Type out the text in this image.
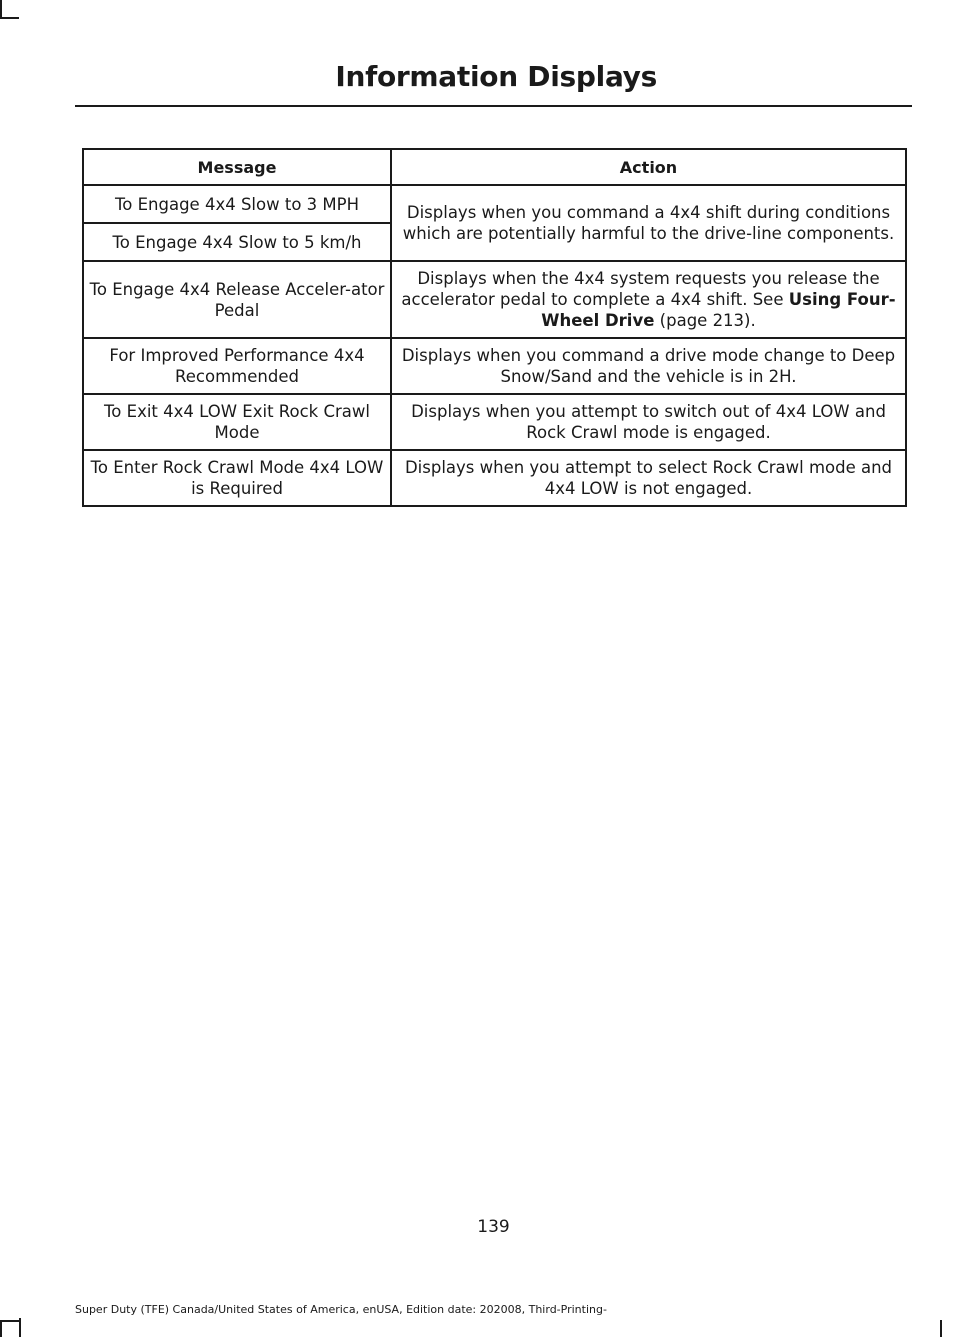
Information Displays
Message	Action
To Engage 4x4 Slow to 3 MPH	Displays when you command a 4x4 shift during conditions which are potentially harmful to the drive-line components.
To Engage 4x4 Slow to 5 km/h	
To Engage 4x4 Release Acceler-ator Pedal	Displays when the 4x4 system requests you release the accelerator pedal to complete a 4x4 shift. See Using Four-Wheel Drive (page 213).
For Improved Performance 4x4 Recommended	Displays when you command a drive mode change to Deep Snow/Sand and the vehicle is in 2H.
To Exit 4x4 LOW Exit Rock Crawl Mode	Displays when you attempt to switch out of 4x4 LOW and Rock Crawl mode is engaged.
To Enter Rock Crawl Mode 4x4 LOW is Required	Displays when you attempt to select Rock Crawl mode and 4x4 LOW is not engaged.
139
Super Duty (TFE) Canada/United States of America, enUSA, Edition date: 202008, Third-Printing-
